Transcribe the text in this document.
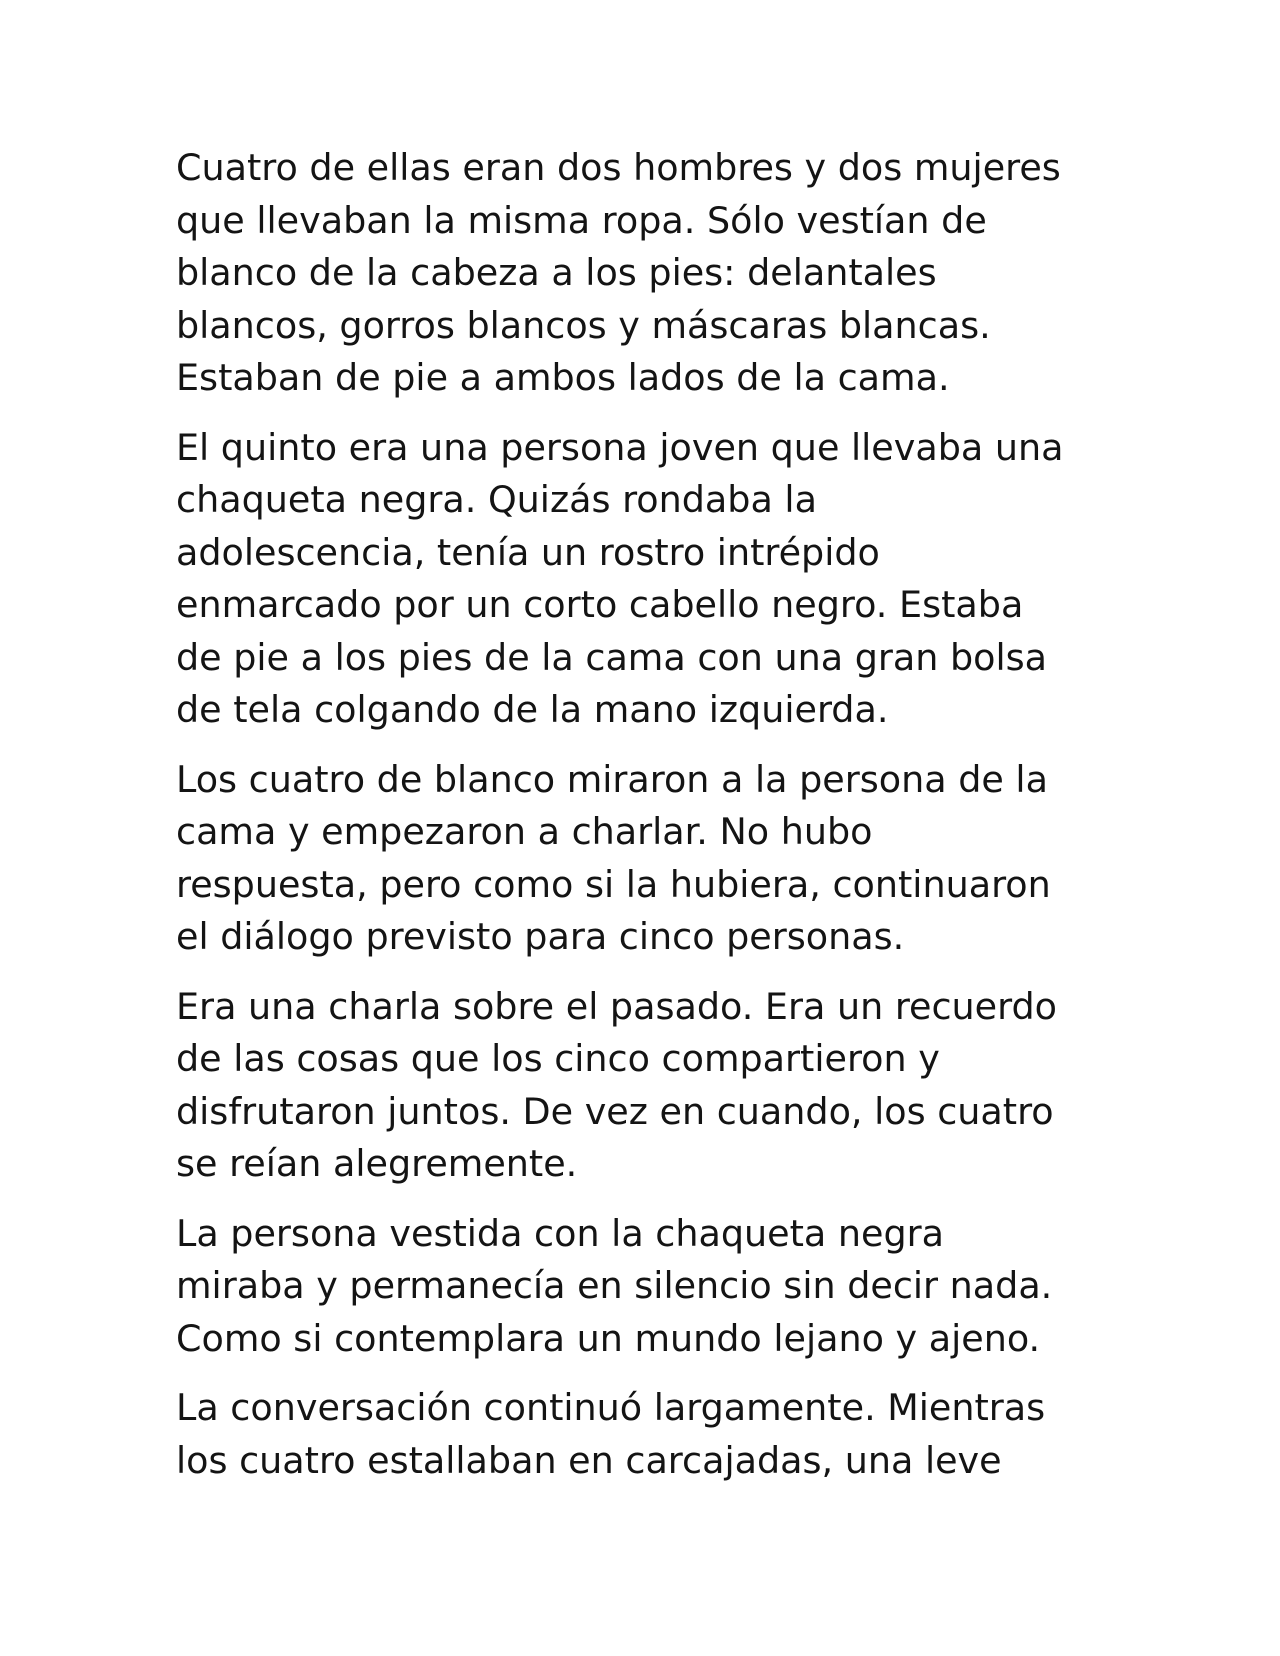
Cuatro de ellas eran dos hombres y dos mujeres
que llevaban la misma ropa. Sólo vestían de
blanco de la cabeza a los pies: delantales
blancos, gorros blancos y máscaras blancas.
Estaban de pie a ambos lados de la cama.

El quinto era una persona joven que llevaba una
chaqueta negra. Quizás rondaba la
adolescencia, tenía un rostro intrépido
enmarcado por un corto cabello negro. Estaba
de pie a los pies de la cama con una gran bolsa
de tela colgando de la mano izquierda.

Los cuatro de blanco miraron a la persona de la
cama y empezaron a charlar. No hubo
respuesta, pero como si la hubiera, continuaron
el diálogo previsto para cinco personas.

Era una charla sobre el pasado. Era un recuerdo
de las cosas que los cinco compartieron y
disfrutaron juntos. De vez en cuando, los cuatro
se reían alegremente.

La persona vestida con la chaqueta negra
miraba y permanecía en silencio sin decir nada.
Como si contemplara un mundo lejano y ajeno.

La conversación continuó largamente. Mientras
los cuatro estallaban en carcajadas, una leve
